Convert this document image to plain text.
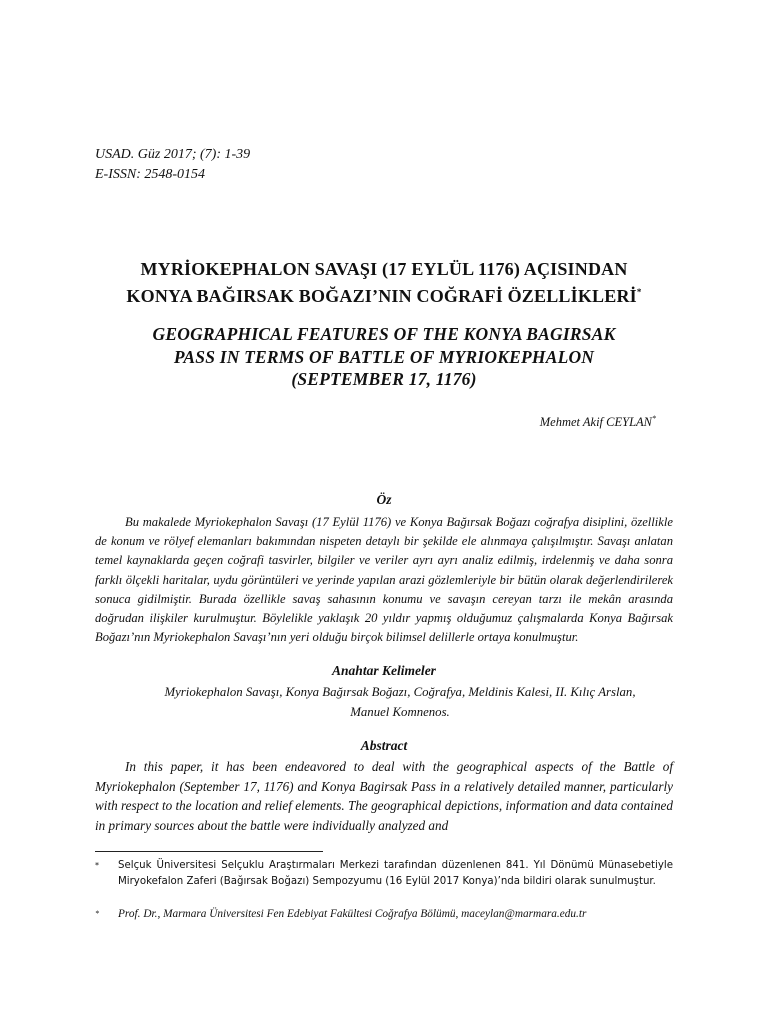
USAD. Güz 2017; (7): 1-39
E-ISSN: 2548-0154
MYRİOKEPHALON SAVAŞI (17 EYLÜL 1176) AÇISINDAN
KONYA BAĞIRSAK BOĞAZI’NIN COĞRAFİ ÖZELLİKLERİ*
GEOGRAPHICAL FEATURES OF THE KONYA BAGIRSAK
PASS IN TERMS OF BATTLE OF MYRIOKEPHALON
(SEPTEMBER 17, 1176)
Mehmet Akif CEYLAN*
Öz

Bu makalede Myriokephalon Savaşı (17 Eylül 1176) ve Konya Bağırsak Boğazı coğrafya disiplini, özellikle de konum ve rölyef elemanları bakımından nispeten detaylı bir şekilde ele alınmaya çalışılmıştır. Savaşı anlatan temel kaynaklarda geçen coğrafi tasvirler, bilgiler ve veriler ayrı ayrı analiz edilmiş, irdelenmiş ve daha sonra farklı ölçekli haritalar, uydu görüntüleri ve yerinde yapılan arazi gözlemleriyle bir bütün olarak değerlendirilerek sonuca gidilmiştir. Burada özellikle savaş sahasının konumu ve savaşın cereyan tarzı ile mekân arasında doğrudan ilişkiler kurulmuştur. Böylelikle yaklaşık 20 yıldır yapmış olduğumuz çalışmalarda Konya Bağırsak Boğazı’nın Myriokephalon Savaşı’nın yeri olduğu birçok bilimsel delillerle ortaya konulmuştur.

Anahtar Kelimeler
Myriokephalon Savaşı, Konya Bağırsak Boğazı, Coğrafya, Meldinis Kalesi, II. Kılıç Arslan,
Manuel Komnenos.
Abstract

In this paper, it has been endeavored to deal with the geographical aspects of the Battle of Myriokephalon (September 17, 1176) and Konya Bagirsak Pass in a relatively detailed manner, particularly with respect to the location and relief elements. The geographical depictions, information and data contained in primary sources about the battle were individually analyzed and

*	Selçuk Üniversitesi Selçuklu Araştırmaları Merkezi tarafından düzenlenen 841. Yıl Dönümü Münasebetiyle Miryokefalon Zaferi (Bağırsak Boğazı) Sempozyumu (16 Eylül 2017 Konya)’nda bildiri olarak sunulmuştur.
*	Prof. Dr., Marmara Üniversitesi Fen Edebiyat Fakültesi Coğrafya Bölümü, maceylan@marmara.edu.tr
